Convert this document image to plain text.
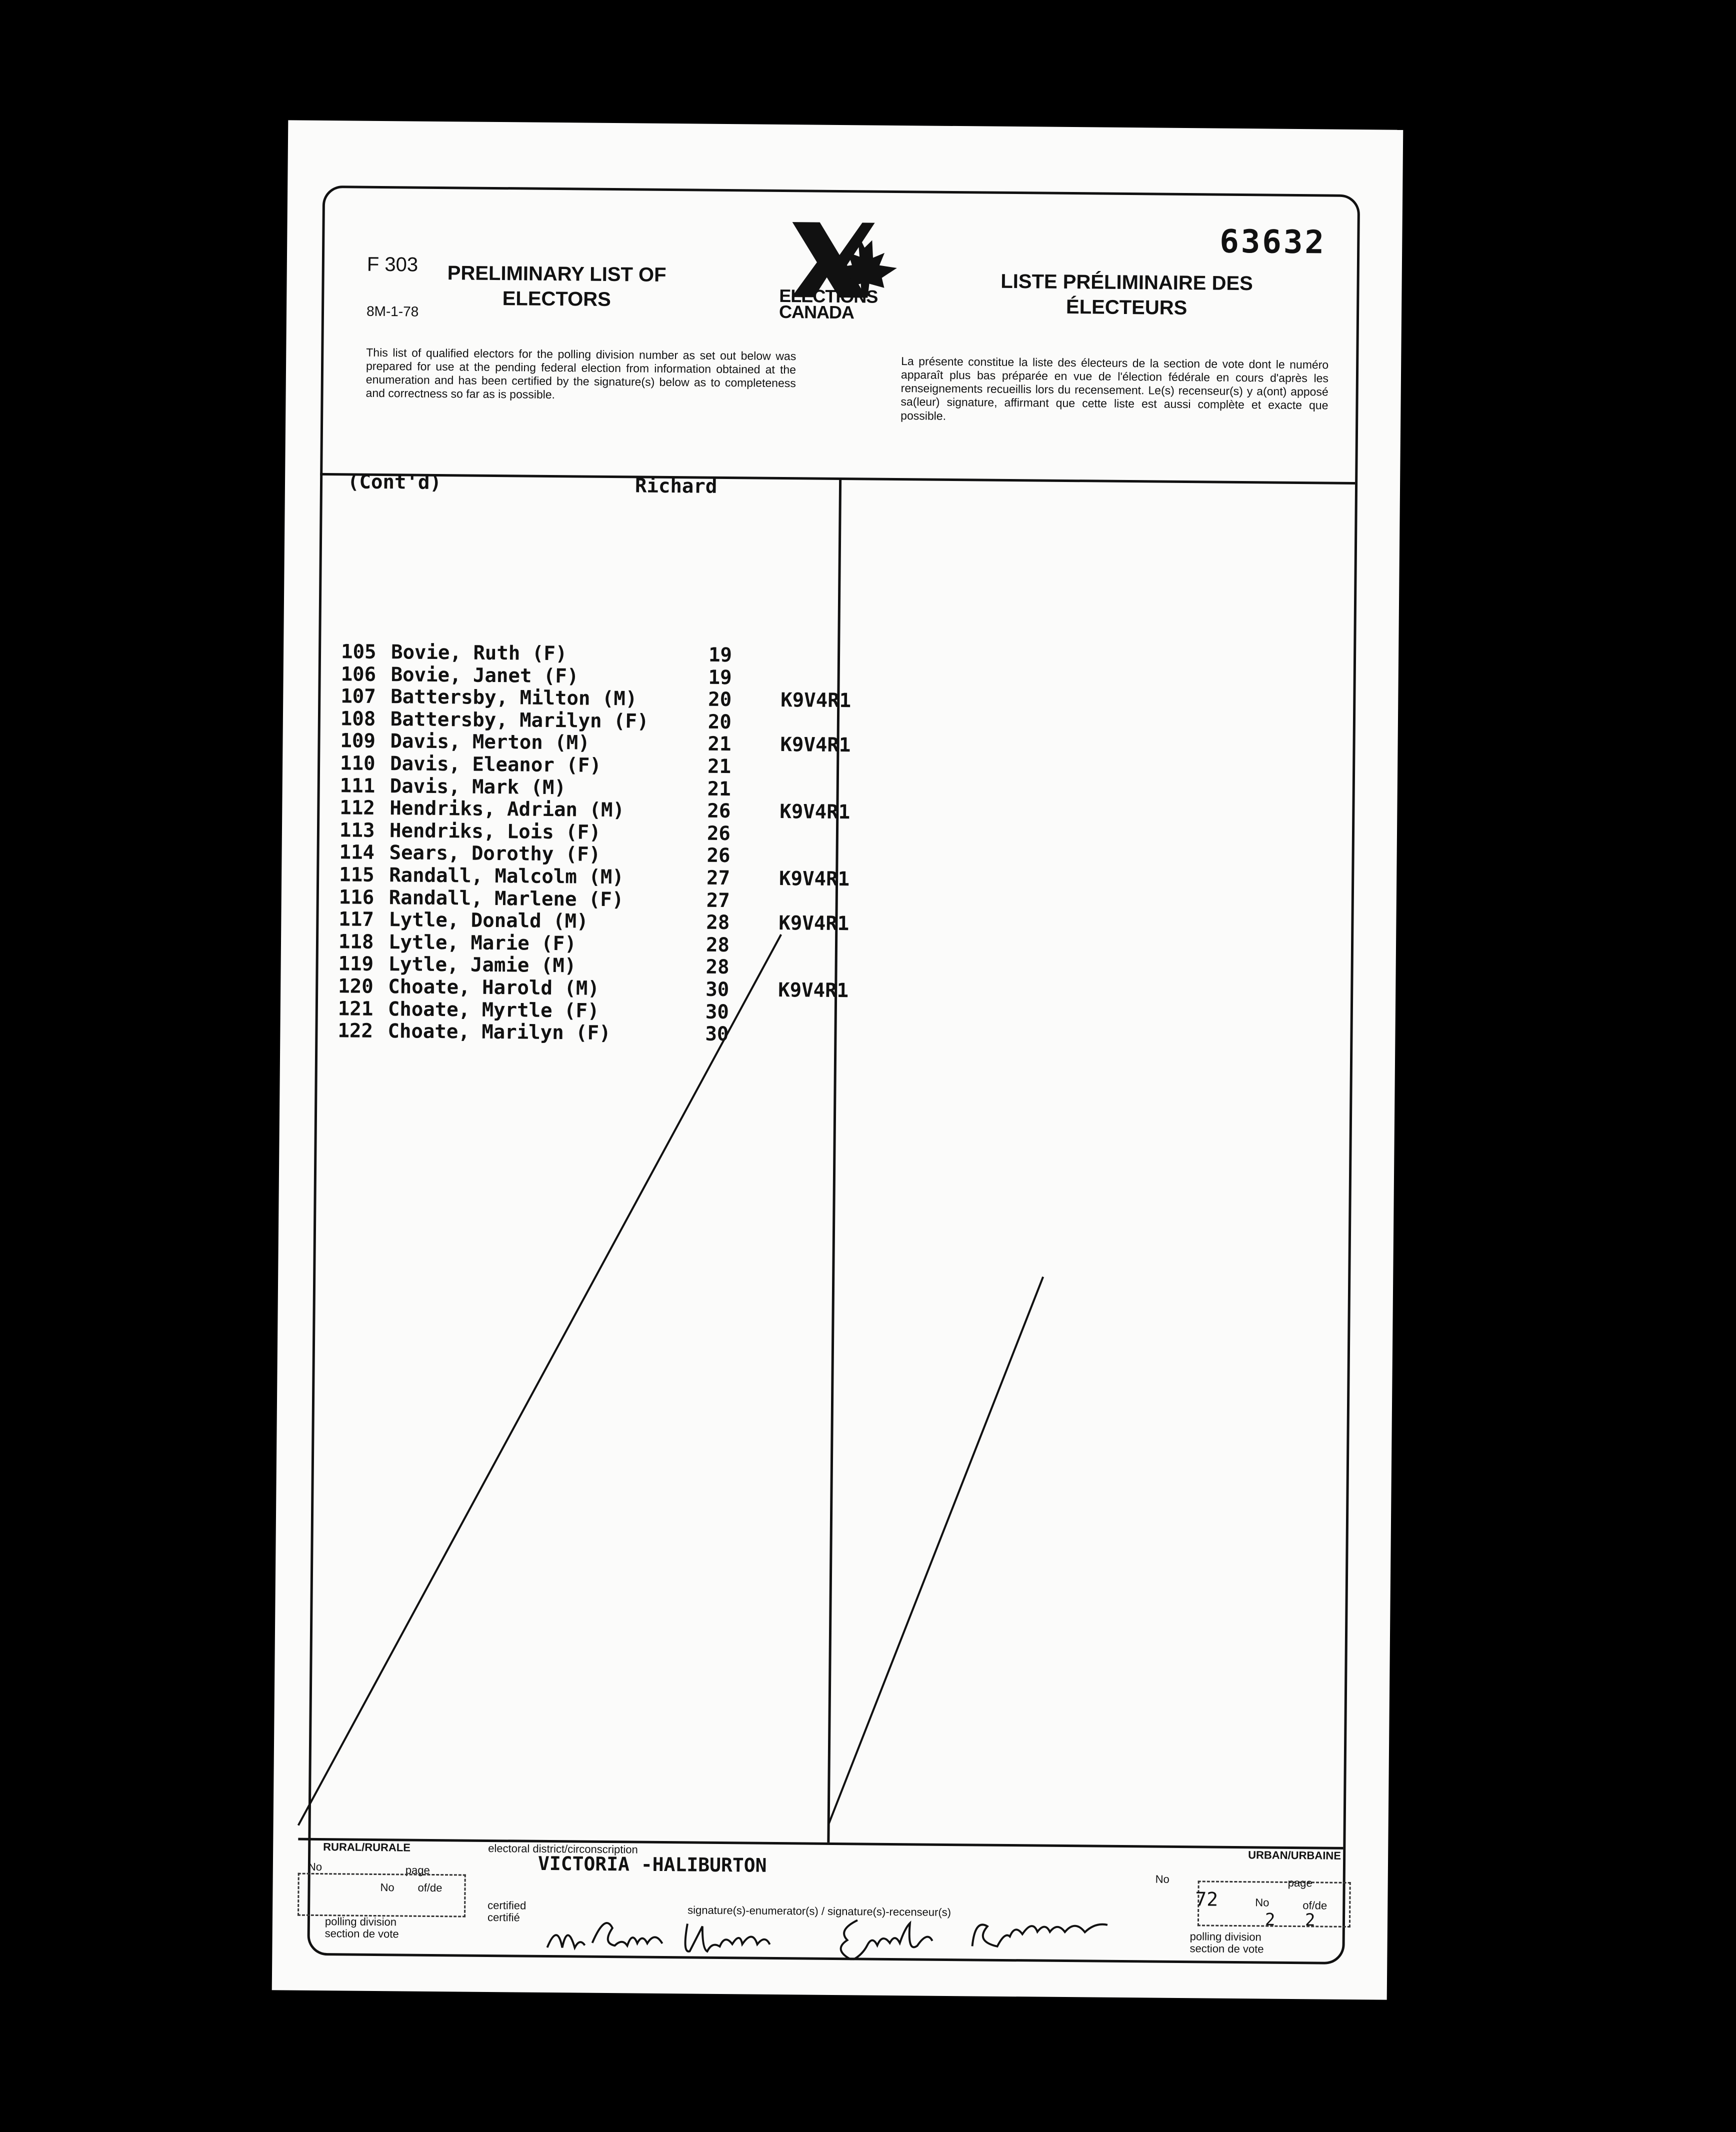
F 303
8M-1-78
PRELIMINARY LIST OF ELECTORS
LISTE PRÉLIMINAIRE DES ÉLECTEURS
63632
ELECTIONS
CANADA
This list of qualified electors for the polling division number as set out below was prepared for use at the pending federal election from information obtained at the enumeration and has been certified by the signature(s) below as to completeness and correctness so far as is possible.
La présente constitue la liste des électeurs de la section de vote dont le numéro apparaît plus bas préparée en vue de l'élection fédérale en cours d'après les renseignements recueillis lors du recensement. Le(s) recenseur(s) y a(ont) apposé sa(leur) signature, affirmant que cette liste est aussi complète et exacte que possible.
(Cont'd)	Richard
105 Bovie, Ruth (F)	19
106 Bovie, Janet (F)	19
107 Battersby, Milton (M)	20	K9V4R1
108 Battersby, Marilyn (F)	20
109 Davis, Merton (M)	21	K9V4R1
110 Davis, Eleanor (F)	21
111 Davis, Mark (M)	21
112 Hendriks, Adrian (M)	26	K9V4R1
113 Hendriks, Lois (F)	26
114 Sears, Dorothy (F)	26
115 Randall, Malcolm (M)	27	K9V4R1
116 Randall, Marlene (F)	27
117 Lytle, Donald (M)	28	K9V4R1
118 Lytle, Marie (F)	28
119 Lytle, Jamie (M)	28
120 Choate, Harold (M)	30	K9V4R1
121 Choate, Myrtle (F)	30
122 Choate, Marilyn (F)	30
RURAL/RURALE
URBAN/URBAINE
electoral district/circonscription
VICTORIA -HALIBURTON
No	page
No of/de
polling division section de vote
certified certifié	signature(s)-enumerator(s) / signature(s)-recenseur(s)
No
72
page
No	of/de
2 2
polling division section de vote
